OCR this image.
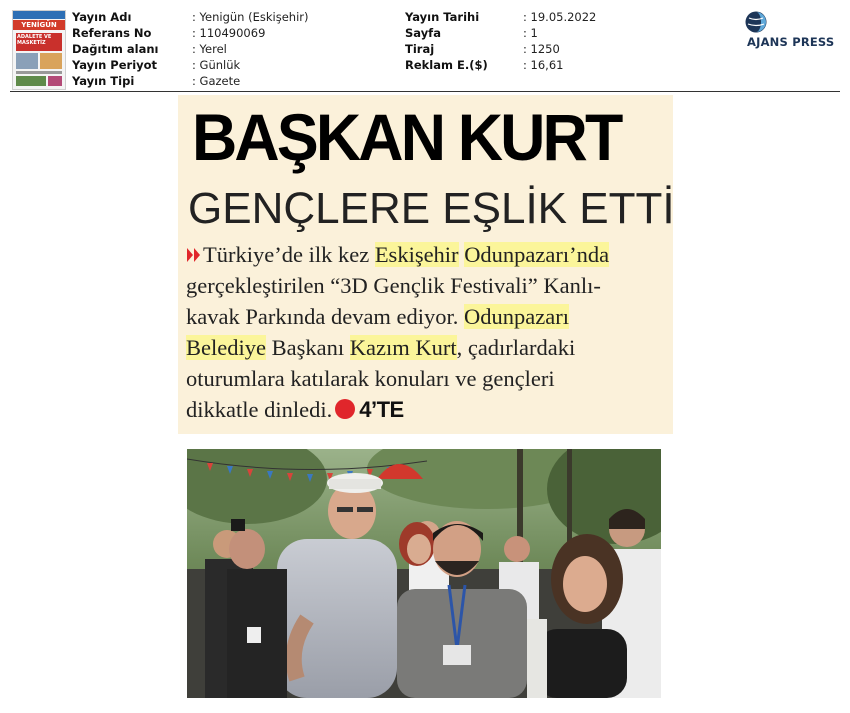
YENİGÜN
ADALETE VE MASKETİZ
Yayın Adı
Referans No
Dağıtım alanı
Yayın Periyot
Yayın Tipi
: Yenigün (Eskişehir)
: 110490069
: Yerel
: Günlük
: Gazete
Yayın Tarihi
Sayfa
Tiraj
Reklam E.($)
: 19.05.2022
: 1
: 1250
: 16,61
AJANS PRESS
BAŞKAN KURT
GENÇLERE EŞLİK ETTİ
Türkiye’de ilk kez Eskişehir Odunpazarı’nda
gerçekleştirilen “3D Gençlik Festivali” Kanlı-
kavak Parkında devam ediyor. Odunpazarı
Belediye Başkanı Kazım Kurt, çadırlardaki
oturumlara katılarak konuları ve gençleri
dikkatle dinledi. 4’TE
